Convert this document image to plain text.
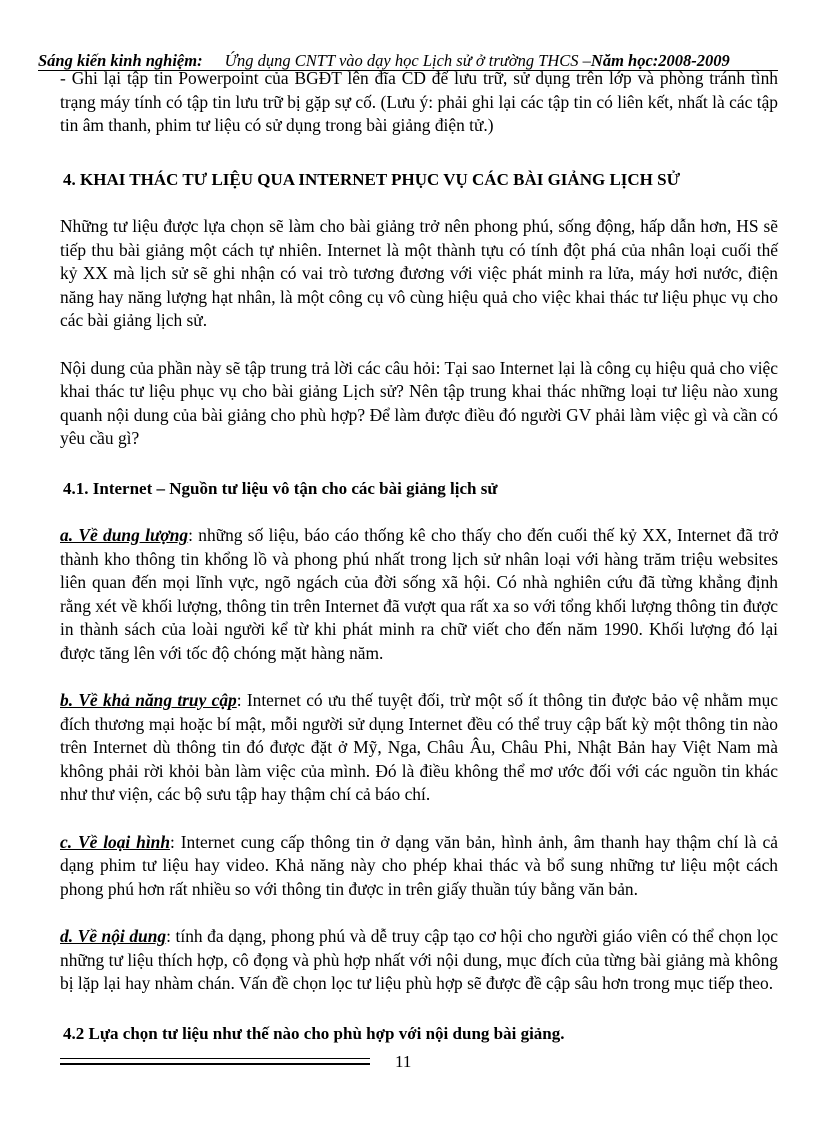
Sáng kiến kinh nghiệm: Ứng dụng CNTT vào dạy học Lịch sử ở trường THCS –Năm học:2008-2009

- Ghi lại tập tin Powerpoint của BGĐT lên đĩa CD để lưu trữ, sử dụng trên lớp và phòng tránh tình trạng máy tính có tập tin lưu trữ bị gặp sự cố. (Lưu ý: phải ghi lại các tập tin có liên kết, nhất là các tập tin âm thanh, phim tư liệu có sử dụng trong bài giảng điện tử.)

4. KHAI THÁC TƯ LIỆU QUA INTERNET PHỤC VỤ CÁC BÀI GIẢNG LỊCH SỬ

Những tư liệu được lựa chọn sẽ làm cho bài giảng trở nên phong phú, sống động, hấp dẫn hơn, HS sẽ tiếp thu bài giảng một cách tự nhiên. Internet là một thành tựu có tính đột phá của nhân loại cuối thế kỷ XX mà lịch sử sẽ ghi nhận có vai trò tương đương với việc phát minh ra lửa, máy hơi nước, điện năng hay năng lượng hạt nhân, là một công cụ vô cùng hiệu quả cho việc khai thác tư liệu phục vụ cho các bài giảng lịch sử.

Nội dung của phần này sẽ tập trung trả lời các câu hỏi: Tại sao Internet lại là công cụ hiệu quả cho việc khai thác tư liệu phục vụ cho bài giảng Lịch sử? Nên tập trung khai thác những loại tư liệu nào xung quanh nội dung của bài giảng cho phù hợp? Để làm được điều đó người GV phải làm việc gì và cần có yêu cầu gì?

4.1. Internet – Nguồn tư liệu vô tận cho các bài giảng lịch sử

a. Về dung lượng: những số liệu, báo cáo thống kê cho thấy cho đến cuối thế kỷ XX, Internet đã trở thành kho thông tin khổng lồ và phong phú nhất trong lịch sử nhân loại với hàng trăm triệu websites liên quan đến mọi lĩnh vực, ngõ ngách của đời sống xã hội. Có nhà nghiên cứu đã từng khẳng định rằng xét về khối lượng, thông tin trên Internet đã vượt qua rất xa so với tổng khối lượng thông tin được in thành sách của loài người kể từ khi phát minh ra chữ viết cho đến năm 1990. Khối lượng đó lại được tăng lên với tốc độ chóng mặt hàng năm.

b. Về khả năng truy cập: Internet có ưu thế tuyệt đối, trừ một số ít thông tin được bảo vệ nhằm mục đích thương mại hoặc bí mật, mỗi người sử dụng Internet đều có thể truy cập bất kỳ một thông tin nào trên Internet dù thông tin đó được đặt ở Mỹ, Nga, Châu Âu, Châu Phi, Nhật Bản hay Việt Nam mà không phải rời khỏi bàn làm việc của mình. Đó là điều không thể mơ ước đối với các nguồn tin khác như thư viện, các bộ sưu tập hay thậm chí cả báo chí.

c. Về loại hình: Internet cung cấp thông tin ở dạng văn bản, hình ảnh, âm thanh hay thậm chí là cả dạng phim tư liệu hay video. Khả năng này cho phép khai thác và bổ sung những tư liệu một cách phong phú hơn rất nhiều so với thông tin được in trên giấy thuần túy bằng văn bản.

d. Về nội dung: tính đa dạng, phong phú và dễ truy cập tạo cơ hội cho người giáo viên có thể chọn lọc những tư liệu thích hợp, cô đọng và phù hợp nhất với nội dung, mục đích của từng bài giảng mà không bị lặp lại hay nhàm chán. Vấn đề chọn lọc tư liệu phù hợp sẽ được đề cập sâu hơn trong mục tiếp theo.

4.2 Lựa chọn tư liệu như thế nào cho phù hợp với nội dung bài giảng.

11
